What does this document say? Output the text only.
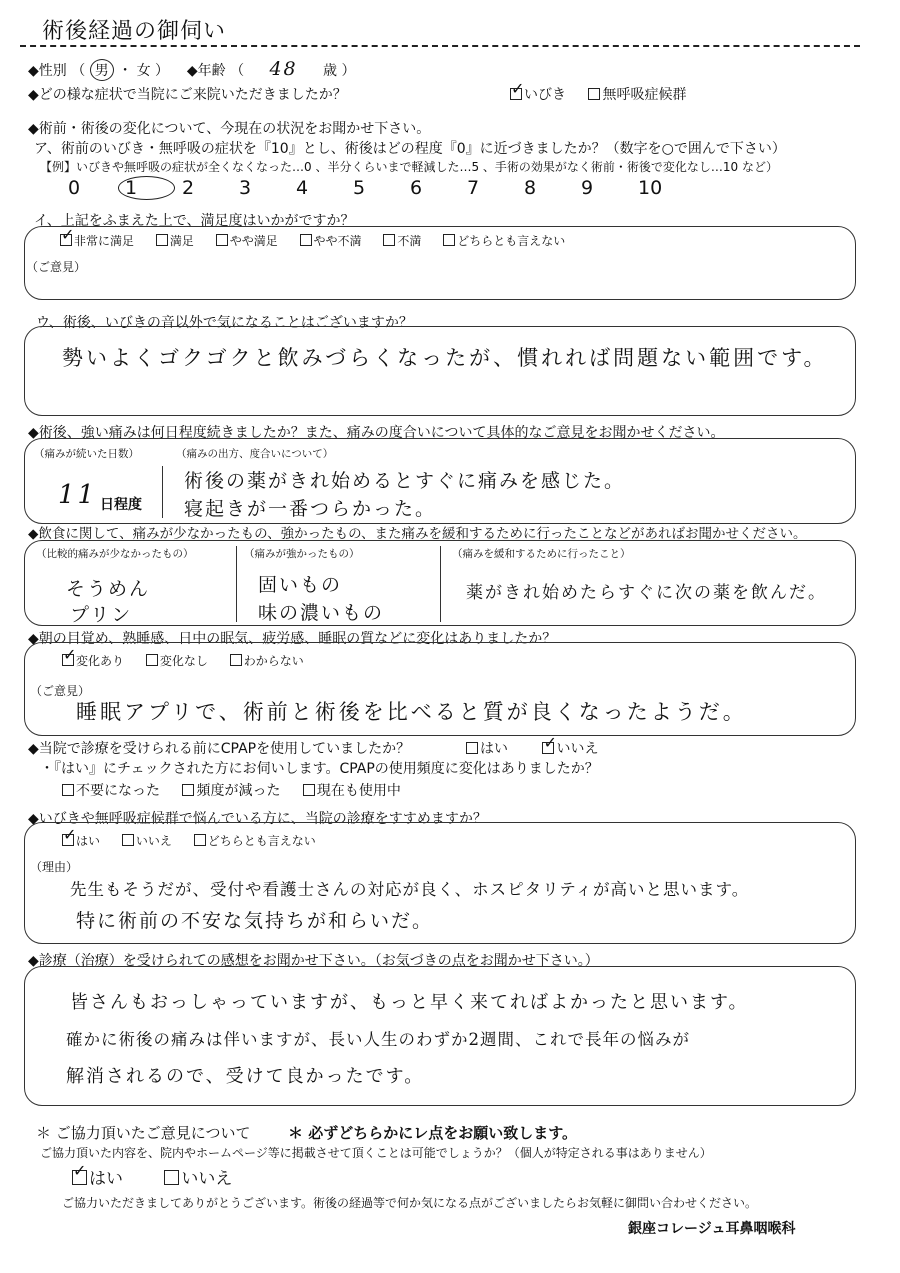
術後経過の御伺い
◆性別 （ 男 ・ 女 ） ◆年齢 （ 48 歳 ）
◆どの様な症状で当院にご来院いただきましたか？ ✓	いびき	無呼吸症候群
◆術前・術後の変化について、今現在の状況をお聞かせ下さい。
ア、術前のいびき・無呼吸の症状を『10』とし、術後はどの程度『0』に近づきましたか？（数字を○で囲んで下さい）
【例】いびきや無呼吸の症状が全くなくなった…0 、半分くらいまで軽減した…5 、手術の効果がなく術前・術後で変化なし…10 など）
0 1 2 3 4 5 6 7 8 9 10
イ、上記をふまえた上で、満足度はいかがですか？
✓非常に満足	満足	やや満足	やや不満	不満	どちらとも言えない
（ご意見）
ウ、術後、いびきの音以外で気になることはございますか？
勢いよくゴクゴクと飲みづらくなったが、慣れれば問題ない範囲です。
◆術後、強い痛みは何日程度続きましたか？また、痛みの度合いについて具体的なご意見をお聞かせください。
（痛みが続いた日数）
11 日程度
（痛みの出方、度合いについて）
術後の薬がきれ始めるとすぐに痛みを感じた。
寝起きが一番つらかった。
◆飲食に関して、痛みが少なかったもの、強かったもの、また痛みを緩和するために行ったことなどがあればお聞かせください。
（比較的痛みが少なかったもの）
そうめん
プリン
（痛みが強かったもの）
固いもの
味の濃いもの
（痛みを緩和するために行ったこと）
薬がきれ始めたらすぐに次の薬を飲んだ。
◆朝の目覚め、熟睡感、日中の眠気、疲労感、睡眠の質などに変化はありましたか？
✓変化あり	変化なし	わからない
（ご意見）
睡眠アプリで、術前と術後を比べると質が良くなったようだ。
◆当院で診療を受けられる前にCPAPを使用していましたか？	はい ✓	いいえ
・『はい』にチェックされた方にお伺いします。CPAPの使用頻度に変化はありましたか？
不要になった	頻度が減った	現在も使用中
◆いびきや無呼吸症候群で悩んでいる方に、当院の診療をすすめますか？
✓はい	いいえ	どちらとも言えない
（理由）
先生もそうだが、受付や看護士さんの対応が良く、ホスピタリティが高いと思います。
特に術前の不安な気持ちが和らいだ。
◆診療（治療）を受けられての感想をお聞かせ下さい。（お気づきの点をお聞かせ下さい。）
皆さんもおっしゃっていますが、もっと早く来てればよかったと思います。
確かに術後の痛みは伴いますが、長い人生のわずか2週間、これで長年の悩みが
解消されるので、受けて良かったです。
＊ ご協力頂いたご意見について	＊ 必ずどちらかにレ点をお願い致します。
ご協力頂いた内容を、院内やホームページ等に掲載させて頂くことは可能でしょうか？（個人が特定される事はありません）
✓はい	いいえ
ご協力いただきましてありがとうございます。術後の経過等で何か気になる点がございましたらお気軽に御問い合わせください。
銀座コレージュ耳鼻咽喉科
